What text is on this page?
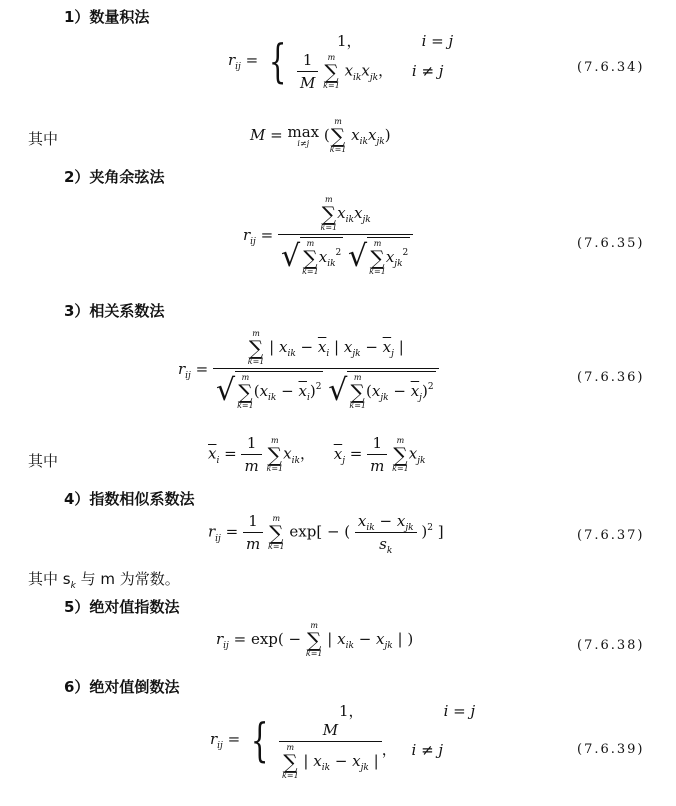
1）数量积法
$r_{ij}$ = {	1，	i = j
$\frac{1}{M}$
	m
∑
k=1
$x_{ik}x_{jk}$， i ≠ j	(7.6.34)
其中	M = max
i≠j (
m
∑
k=1
$x_{ik}x_{jk}$)
2）夹角余弦法
$r_{ij} = m$
∑
k=1
$x_{ik}x_{jk}$
√ m
∑
k=1
$x_{ik}^2$ √ m
∑
k=1
$x_{jk}^2$	(7.6.35)
3）相关系数法
$r_{ij} = m$
∑
k=1
| $x_{ik} - \overline{x}_i$ | $x_{jk} - \overline{x}_j$ |
√ m
∑
k=1
$(x_{ik} - \overline{x}_i)^2$ √ m
∑
k=1
$(x_{jk} - \overline{x}_j)^2$	(7.6.36)
其中	$\overline{x}_i = \frac{1}{m}$
	m
∑
k=1
$x_{ik}$， $\overline{x}_j = \frac{1}{m}$
	m
∑
k=1
$x_{jk}$
4）指数相似系数法
$r_{ij} = \frac{1}{m}$
	m
∑
k=1
exp[ − ( $\frac{x_{ik} - x_{jk}}{s_k} )^2$ ]	(7.6.37)
其中 $s_k$ 与 m 为常数。
5）绝对值指数法
$r_{ij} = \exp$( −
m
∑
k=1
| $x_{ik} - x_{jk}$ | )	(7.6.38)
6）绝对值倒数法
$r_{ij}$ = {
1，	i = j
M
m
∑
k=1
| $x_{ik} - x_{jk}$ | ， i ≠ j	(7.6.39)
